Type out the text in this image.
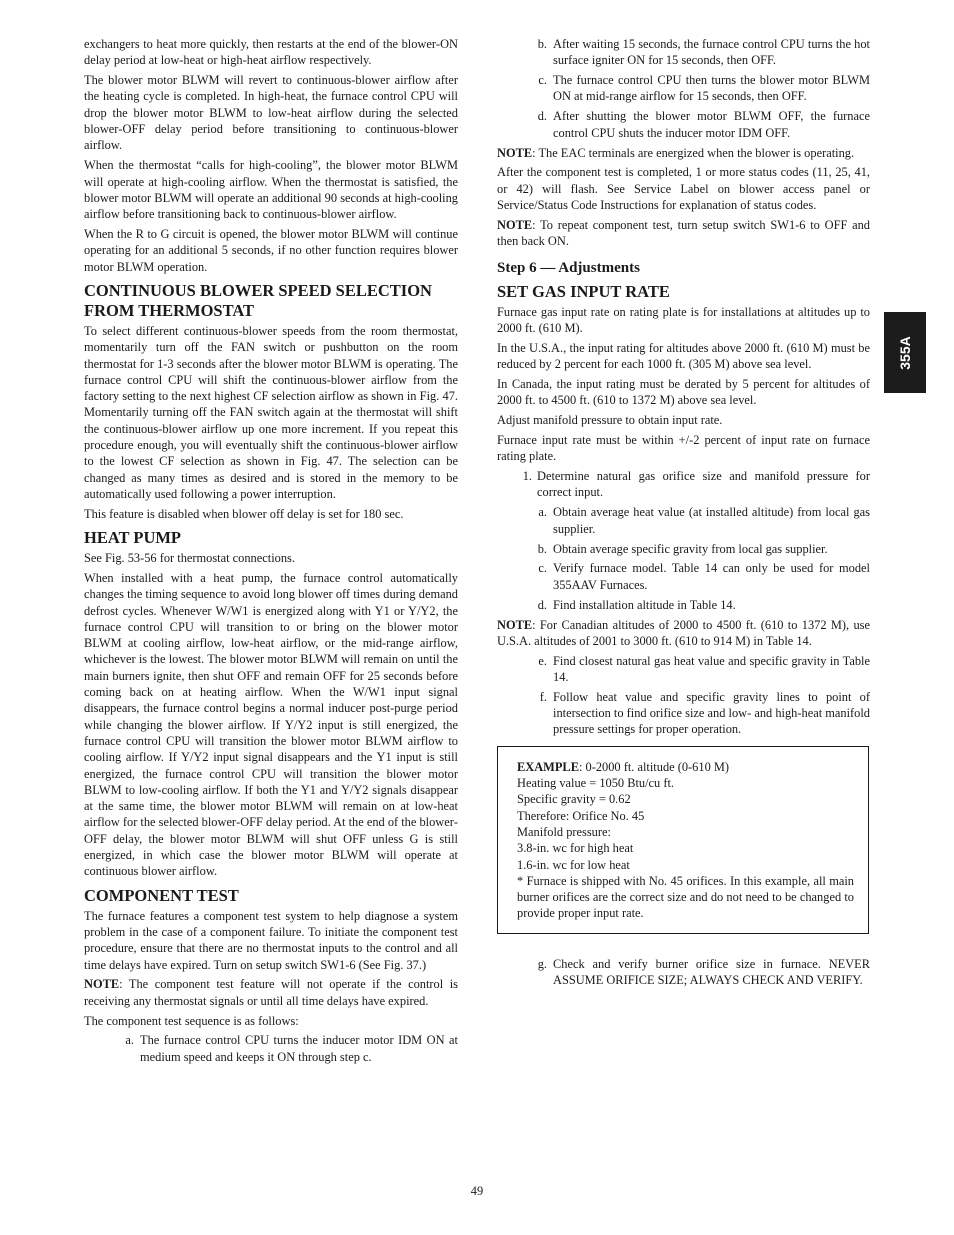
exchangers to heat more quickly, then restarts at the end of the blower‐ON delay period at low‐heat or high‐heat airflow respectively.

The blower motor BLWM will revert to continuous‐blower airflow after the heating cycle is completed. In high‐heat, the furnace control CPU will drop the blower motor BLWM to low‐heat airflow during the selected blower‐OFF delay period before transitioning to continuous‐blower airflow.

When the thermostat “calls for high‐cooling”, the blower motor BLWM will operate at high‐cooling airflow. When the thermostat is satisfied, the blower motor BLWM will operate an additional 90 seconds at high‐cooling airflow before transitioning back to continuous‐blower airflow.

When the R to G circuit is opened, the blower motor BLWM will continue operating for an additional 5 seconds, if no other function requires blower motor BLWM operation.

CONTINUOUS BLOWER SPEED SELECTION FROM THERMOSTAT

To select different continuous‐blower speeds from the room thermostat, momentarily turn off the FAN switch or pushbutton on the room thermostat for 1‐3 seconds after the blower motor BLWM is operating. The furnace control CPU will shift the continuous‐blower airflow from the factory setting to the next highest CF selection airflow as shown in Fig. 47. Momentarily turning off the FAN switch again at the thermostat will shift the continuous‐blower airflow up one more increment. If you repeat this procedure enough, you will eventually shift the continuous‐blower airflow to the lowest CF selection as shown in Fig. 47. The selection can be changed as many times as desired and is stored in the memory to be automatically used following a power interruption.

This feature is disabled when blower off delay is set for 180 sec.

HEAT PUMP

See Fig. 53‐56 for thermostat connections.

When installed with a heat pump, the furnace control automatically changes the timing sequence to avoid long blower off times during demand defrost cycles. Whenever W/W1 is energized along with Y1 or Y/Y2, the furnace control CPU will transition to or bring on the blower motor BLWM at cooling airflow, low‐heat airflow, or the mid‐range airflow, whichever is the lowest. The blower motor BLWM will remain on until the main burners ignite, then shut OFF and remain OFF for 25 seconds before coming back on at heating airflow. When the W/W1 input signal disappears, the furnace control begins a normal inducer post‐purge period while changing the blower airflow. If Y/Y2 input is still energized, the furnace control CPU will transition the blower motor BLWM airflow to cooling airflow. If Y/Y2 input signal disappears and the Y1 input is still energized, the furnace control CPU will transition the blower motor BLWM to low‐cooling airflow. If both the Y1 and Y/Y2 signals disappear at the same time, the blower motor BLWM will remain on at low‐heat airflow for the selected blower‐OFF delay period. At the end of the blower‐OFF delay, the blower motor BLWM will shut OFF unless G is still energized, in which case the blower motor BLWM will operate at continuous blower airflow.

COMPONENT TEST

The furnace features a component test system to help diagnose a system problem in the case of a component failure. To initiate the component test procedure, ensure that there are no thermostat inputs to the control and all time delays have expired. Turn on setup switch SW1‐6 (See Fig. 37.)

NOTE: The component test feature will not operate if the control is receiving any thermostat signals or until all time delays have expired.

The component test sequence is as follows:

a. The furnace control CPU turns the inducer motor IDM ON at medium speed and keeps it ON through step c.
b. After waiting 15 seconds, the furnace control CPU turns the hot surface igniter ON for 15 seconds, then OFF.
c. The furnace control CPU then turns the blower motor BLWM ON at mid‐range airflow for 15 seconds, then OFF.
d. After shutting the blower motor BLWM OFF, the furnace control CPU shuts the inducer motor IDM OFF.

NOTE: The EAC terminals are energized when the blower is operating.

After the component test is completed, 1 or more status codes (11, 25, 41, or 42) will flash. See Service Label on blower access panel or Service/Status Code Instructions for explanation of status codes.

NOTE: To repeat component test, turn setup switch SW1‐6 to OFF and then back ON.

Step 6 — Adjustments
SET GAS INPUT RATE

Furnace gas input rate on rating plate is for installations at altitudes up to 2000 ft. (610 M).

In the U.S.A., the input rating for altitudes above 2000 ft. (610 M) must be reduced by 2 percent for each 1000 ft. (305 M) above sea level.

In Canada, the input rating must be derated by 5 percent for altitudes of 2000 ft. to 4500 ft. (610 to 1372 M) above sea level.

Adjust manifold pressure to obtain input rate.

Furnace input rate must be within +/‐2 percent of input rate on furnace rating plate.

1. Determine natural gas orifice size and manifold pressure for correct input.
a. Obtain average heat value (at installed altitude) from local gas supplier.
b. Obtain average specific gravity from local gas supplier.
c. Verify furnace model. Table 14 can only be used for model 355AAV Furnaces.
d. Find installation altitude in Table 14.

NOTE: For Canadian altitudes of 2000 to 4500 ft. (610 to 1372 M), use U.S.A. altitudes of 2001 to 3000 ft. (610 to 914 M) in Table 14.

e. Find closest natural gas heat value and specific gravity in Table 14.
f. Follow heat value and specific gravity lines to point of intersection to find orifice size and low‐ and high‐heat manifold pressure settings for proper operation.
EXAMPLE: 0‐2000 ft. altitude (0‐610 M)
Heating value = 1050 Btu/cu ft.
Specific gravity = 0.62
Therefore: Orifice No. 45
Manifold pressure:
3.8‐in. wc for high heat
1.6‐in. wc for low heat
* Furnace is shipped with No. 45 orifices. In this example, all main burner orifices are the correct size and do not need to be changed to provide proper input rate.
g. Check and verify burner orifice size in furnace. NEVER ASSUME ORIFICE SIZE; ALWAYS CHECK AND VERIFY.
355A
49
